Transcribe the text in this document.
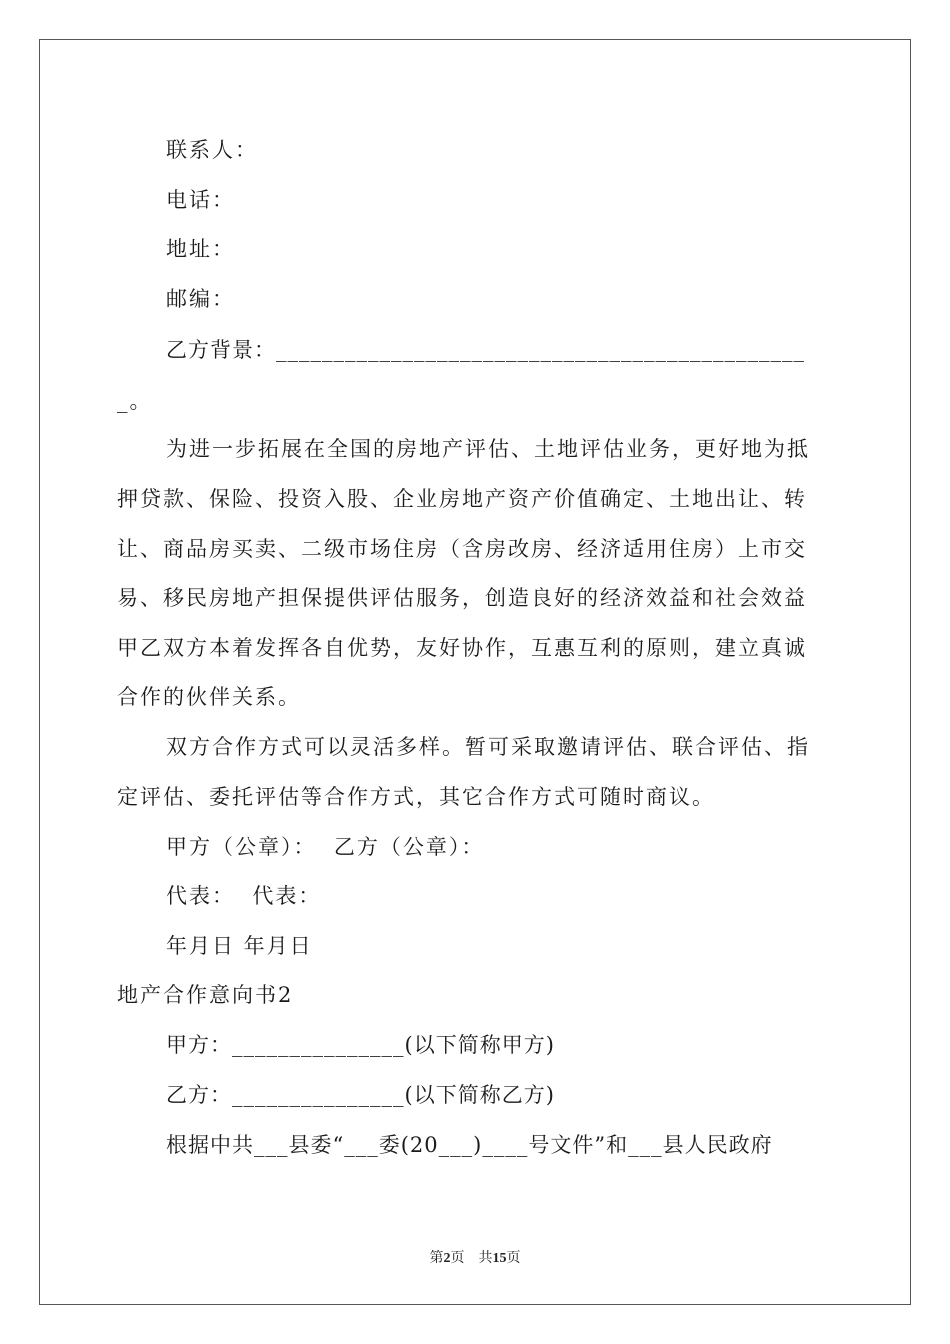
联系人：
电话：
地址：
邮编：
乙方背景：______________________________________________
_。
为进一步拓展在全国的房地产评估、土地评估业务，更好地为抵
押贷款、保险、投资入股、企业房地产资产价值确定、土地出让、转
让、商品房买卖、二级市场住房（含房改房、经济适用住房）上市交
易、移民房地产担保提供评估服务，创造良好的经济效益和社会效益
甲乙双方本着发挥各自优势，友好协作，互惠互利的原则，建立真诚
合作的伙伴关系。
双方合作方式可以灵活多样。暂可采取邀请评估、联合评估、指
定评估、委托评估等合作方式，其它合作方式可随时商议。
甲方（公章）：  乙方（公章）：
代表：  代表：
年月日 年月日
地产合作意向书2
甲方：_______________(以下简称甲方)
乙方：_______________(以下简称乙方)
根据中共___县委“___委(20___)____号文件”和___县人民政府
第2页 共15页
